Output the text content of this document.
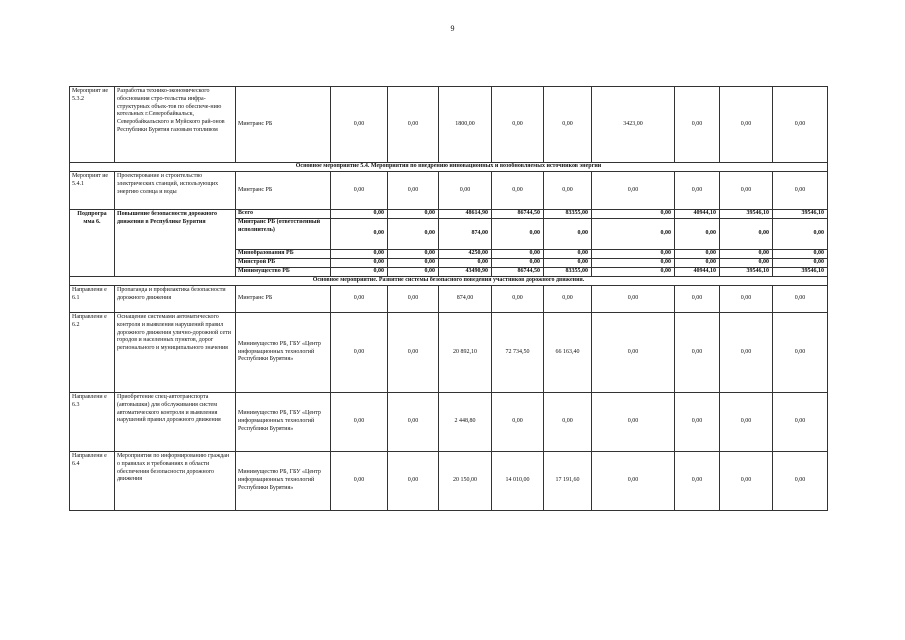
9
Мероприят ие 5.3.2	Разработка технико-экономического обоснования стро-тельства инфра-структурных объек-тов по обеспече-нию котельных г.Северобайкальск, Северобайкальского и Муйского рай-онов Республики Бурятия газовым топливом	Минтранс РБ	0,00	0,00	1800,00	0,00	0,00	3423,00	0,00	0,00	0,00
Основное мероприятие 5.4. Мероприятия по внедрению инновационных и возобновляемых источников энергии											
Мероприят ие 5.4.1	Проектирование и строительство электрических станций, использующих энергию солнца и воды	Минтранс РБ	0,00	0,00	0,00	0,00	0,00	0,00	0,00	0,00	0,00
Подпрогра мма 6.	Повышение безопасности дорожного движения в Республике Бурятия	Всего	0,00	0,00	48614,90	86744,50	83355,00	0,00	40944,10	39546,10	39546,10
		Минтранс РБ (ответственный исполнитель)	0,00	0,00	874,00	0,00	0,00	0,00	0,00	0,00	0,00
		Минобразования РБ	0,00	0,00	4250,00	0,00	0,00	0,00	0,00	0,00	0,00
		Минстрой РБ	0,00	0,00	0,00	0,00	0,00	0,00	0,00	0,00	0,00
		Минимущество РБ	0,00	0,00	43490,90	86744,50	83355,00	0,00	40944,10	39546,10	39546,10
Основное мероприятие. Развитие системы безопасного поведения участников дорожного движения.											
Направлени е 6.1	Пропаганда и профилактика безопасности дорожного движения	Минтранс РБ	0,00	0,00	874,00	0,00	0,00	0,00	0,00	0,00	0,00
Направлени е 6.2	Оснащение системами автоматического контроля и выявления нарушений правил дорожного движения улично-дорожной сети городов и населенных пунктов, дорог регионального и муниципального значения	Минимущество РБ, ГБУ «Центр информационных технологий Республики Бурятия»	0,00	0,00	20 892,10	72 734,50	66 163,40	0,00	0,00	0,00	0,00
Направлени е 6.3	Приобретение спец-автотранспорта (автовышки) для обслуживания систем автоматического контроля и выявления нарушений правил дорожного движения	Минимущество РБ, ГБУ «Центр информационных технологий Республики Бурятия»	0,00	0,00	2 448,80	0,00	0,00	0,00	0,00	0,00	0,00
Направлени е 6.4	Мероприятия по информированию граждан о правилах и требованиях в области обеспечения безопасности дорожного движения	Минимущество РБ, ГБУ «Центр информационных технологий Республики Бурятия»	0,00	0,00	20 150,00	14 010,00	17 191,60	0,00	0,00	0,00	0,00
